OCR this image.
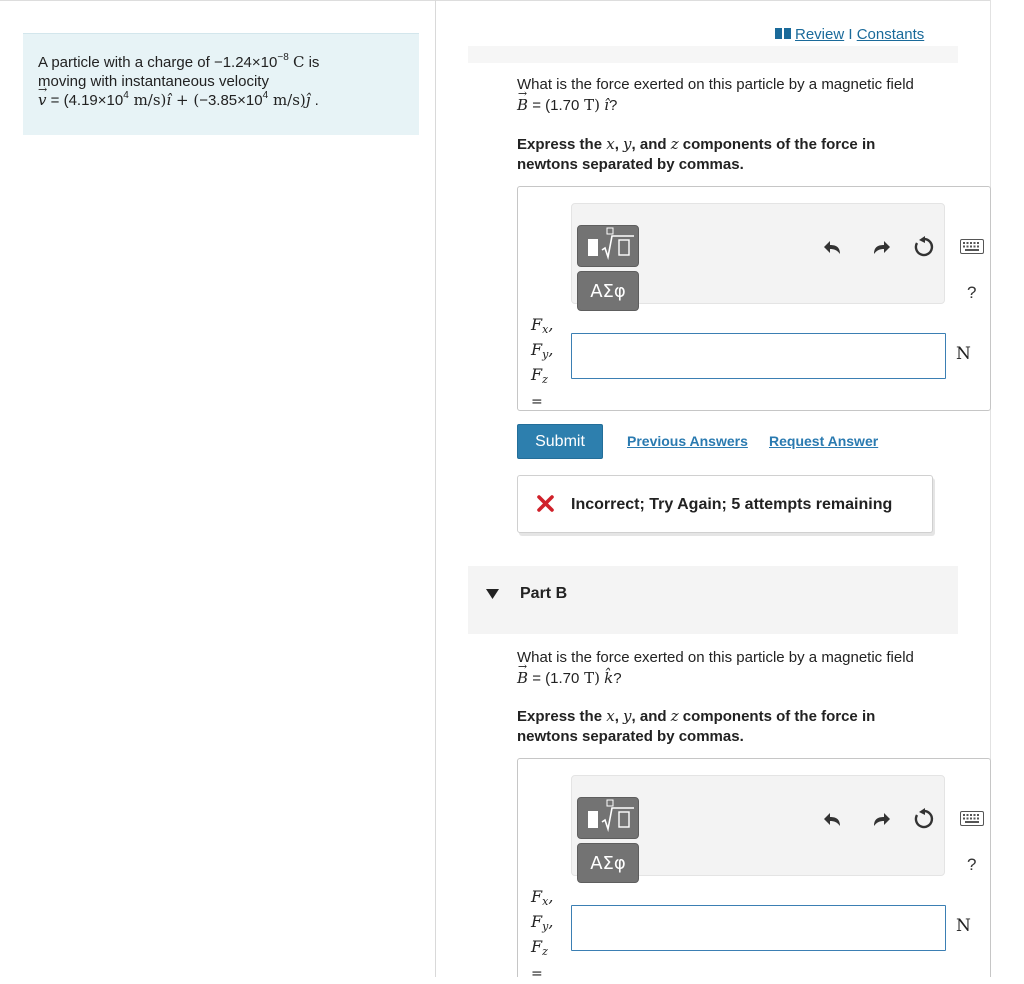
A particle with a charge of $-1.24\times 10^{-8}$ C is
moving with instantaneous velocity
v → = ($4.19\times 10^4$ m/s)î + ($-3.85\times 10^4$ m/s)ĵ .
Review I Constants
What is the force exerted on this particle by a magnetic field
B → = (1.70 T) î?
Express the x, y, and z components of the force in
newtons separated by commas.
ΑΣφ	?
$F_x$,
$F_y$,
$F_z$
=
N
Submit	Previous Answers Request Answer
Incorrect; Try Again; 5 attempts remaining
Part B
What is the force exerted on this particle by a magnetic field
B → = (1.70 T) k̂?
Express the x, y, and z components of the force in
newtons separated by commas.
ΑΣφ	?
$F_x$,
$F_y$,
$F_z$
=
N
